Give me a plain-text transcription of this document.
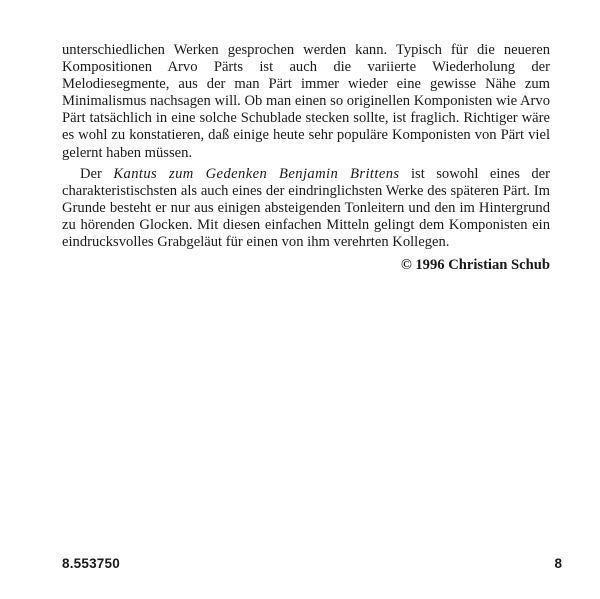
unterschiedlichen Werken gesprochen werden kann. Typisch für die neueren Kompositionen Arvo Pärts ist auch die variierte Wiederholung der Melodiesegmente, aus der man Pärt immer wieder eine gewisse Nähe zum Minimalismus nachsagen will. Ob man einen so originellen Komponisten wie Arvo Pärt tatsächlich in eine solche Schublade stecken sollte, ist fraglich. Richtiger wäre es wohl zu konstatieren, daß einige heute sehr populäre Komponisten von Pärt viel gelernt haben müssen.

Der Kantus zum Gedenken Benjamin Brittens ist sowohl eines der charakteristischsten als auch eines der eindringlichsten Werke des späteren Pärt. Im Grunde besteht er nur aus einigen absteigenden Tonleitern und den im Hintergrund zu hörenden Glocken. Mit diesen einfachen Mitteln gelingt dem Komponisten ein eindrucksvolles Grabgeläut für einen von ihm verehrten Kollegen.

© 1996 Christian Schub
8.553750	8
